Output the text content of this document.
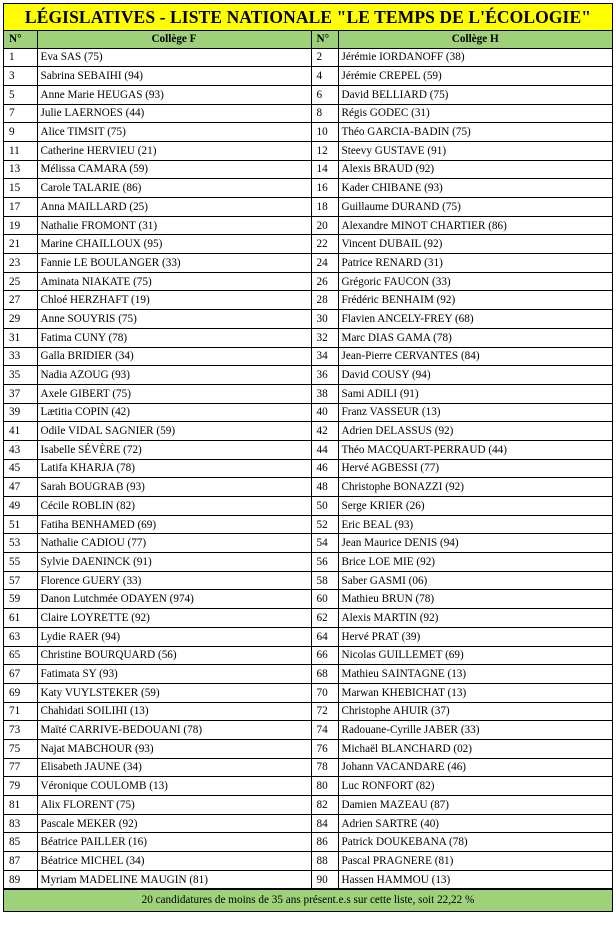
LÉGISLATIVES - LISTE NATIONALE "LE TEMPS DE L'ÉCOLOGIE"
N°	Collège F	N°	Collège H
1	Eva SAS (75)	2	Jérémie IORDANOFF (38)
3	Sabrina SEBAIHI (94)	4	Jérémie CREPEL (59)
5	Anne Marie HEUGAS (93)	6	David BELLIARD (75)
7	Julie LAERNOES (44)	8	Régis GODEC (31)
9	Alice TIMSIT (75)	10	Théo GARCIA-BADIN (75)
11	Catherine HERVIEU (21)	12	Steevy GUSTAVE (91)
13	Mélissa CAMARA (59)	14	Alexis BRAUD (92)
15	Carole TALARIE (86)	16	Kader CHIBANE (93)
17	Anna MAILLARD (25)	18	Guillaume DURAND (75)
19	Nathalie FROMONT (31)	20	Alexandre MINOT CHARTIER (86)
21	Marine CHAILLOUX (95)	22	Vincent DUBAIL (92)
23	Fannie LE BOULANGER (33)	24	Patrice RENARD (31)
25	Aminata NIAKATE (75)	26	Grégoric FAUCON (33)
27	Chloé HERZHAFT (19)	28	Frédéric BENHAIM (92)
29	Anne SOUYRIS (75)	30	Flavien ANCELY-FREY (68)
31	Fatima CUNY (78)	32	Marc DIAS GAMA (78)
33	Galla BRIDIER (34)	34	Jean-Pierre CERVANTES (84)
35	Nadia AZOUG (93)	36	David COUSY (94)
37	Axele GIBERT (75)	38	Sami ADILI (91)
39	Lætitia COPIN (42)	40	Franz VASSEUR (13)
41	Odile VIDAL SAGNIER (59)	42	Adrien DELASSUS (92)
43	Isabelle SÉVÈRE (72)	44	Théo MACQUART-PERRAUD (44)
45	Latifa KHARJA (78)	46	Hervé AGBESSI (77)
47	Sarah BOUGRAB (93)	48	Christophe BONAZZI (92)
49	Cécile ROBLIN (82)	50	Serge KRIER (26)
51	Fatiha BENHAMED (69)	52	Eric BEAL (93)
53	Nathalie CADIOU (77)	54	Jean Maurice DENIS (94)
55	Sylvie DAENINCK (91)	56	Brice LOE MIE (92)
57	Florence GUERY (33)	58	Saber GASMI (06)
59	Danon Lutchmée ODAYEN (974)	60	Mathieu BRUN (78)
61	Claire LOYRETTE (92)	62	Alexis MARTIN (92)
63	Lydie RAER (94)	64	Hervé PRAT (39)
65	Christine BOURQUARD (56)	66	Nicolas GUILLEMET (69)
67	Fatimata SY (93)	68	Mathieu SAINTAGNE (13)
69	Katy VUYLSTEKER (59)	70	Marwan KHEBICHAT (13)
71	Chahidati SOILIHI (13)	72	Christophe AHUIR (37)
73	Maïté CARRIVE-BEDOUANI (78)	74	Radouane-Cyrille JABER (33)
75	Najat MABCHOUR (93)	76	Michaël BLANCHARD (02)
77	Elisabeth JAUNE (34)	78	Johann VACANDARE (46)
79	Véronique COULOMB (13)	80	Luc RONFORT (82)
81	Alix FLORENT (75)	82	Damien MAZEAU (87)
83	Pascale MEKER (92)	84	Adrien SARTRE (40)
85	Béatrice PAILLER (16)	86	Patrick DOUKEBANA (78)
87	Béatrice MICHEL (34)	88	Pascal PRAGNERE (81)
89	Myriam MADELINE MAUGIN (81)	90	Hassen HAMMOU (13)
20 candidatures de moins de 35 ans présent.e.s sur cette liste, soit 22,22 %
